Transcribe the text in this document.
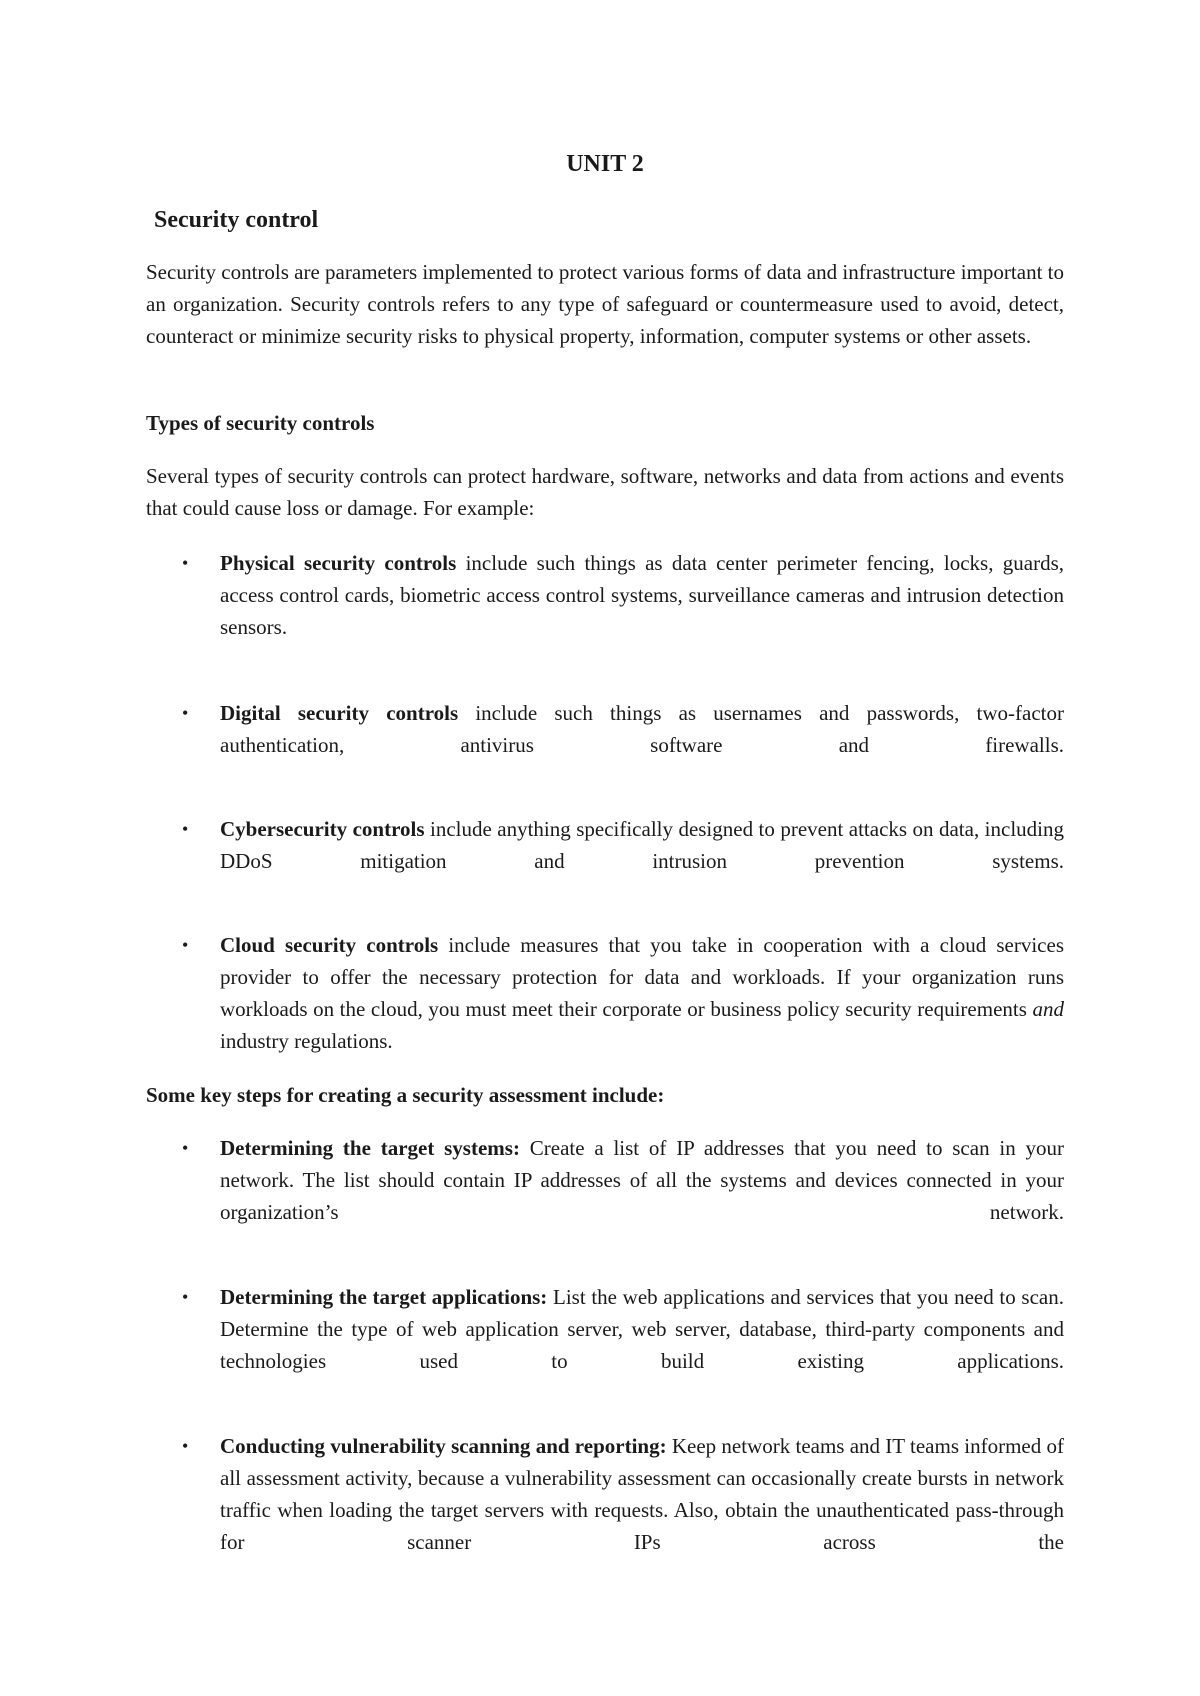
UNIT 2
Security control
Security controls are parameters implemented to protect various forms of data and infrastructure important to an organization. Security controls refers to any type of safeguard or countermeasure used to avoid, detect, counteract or minimize security risks to physical property, information, computer systems or other assets.
Types of security controls
Several types of security controls can protect hardware, software, networks and data from actions and events that could cause loss or damage. For example:
• Physical security controls include such things as data center perimeter fencing, locks, guards, access control cards, biometric access control systems, surveillance cameras and intrusion detection sensors.
• Digital security controls include such things as usernames and passwords, two-factor authentication, antivirus software and firewalls.
• Cybersecurity controls include anything specifically designed to prevent attacks on data, including DDoS mitigation and intrusion prevention systems.
• Cloud security controls include measures that you take in cooperation with a cloud services provider to offer the necessary protection for data and workloads. If your organization runs workloads on the cloud, you must meet their corporate or business policy security requirements and industry regulations.
Some key steps for creating a security assessment include:
• Determining the target systems: Create a list of IP addresses that you need to scan in your network. The list should contain IP addresses of all the systems and devices connected in your organization’s network.
• Determining the target applications: List the web applications and services that you need to scan. Determine the type of web application server, web server, database, third-party components and technologies used to build existing applications.
• Conducting vulnerability scanning and reporting: Keep network teams and IT teams informed of all assessment activity, because a vulnerability assessment can occasionally create bursts in network traffic when loading the target servers with requests. Also, obtain the unauthenticated pass-through for scanner IPs across the
